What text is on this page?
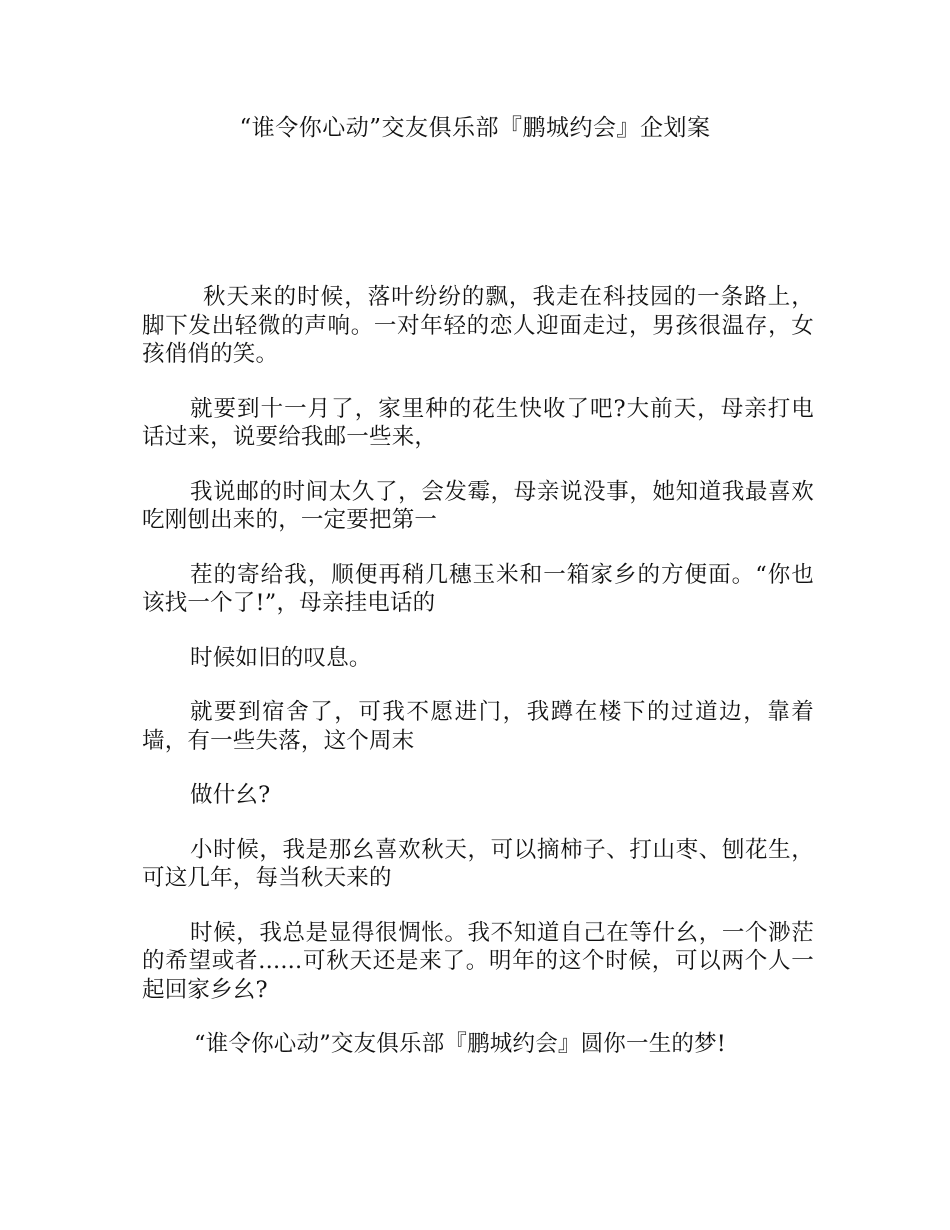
“谁令你心动”交友俱乐部『鹏城约会』企划案

秋天来的时候，落叶纷纷的飘，我走在科技园的一条路上，脚下发出轻微的声响。一对年轻的恋人迎面走过，男孩很温存，女孩俏俏的笑。

就要到十一月了，家里种的花生快收了吧?大前天，母亲打电话过来，说要给我邮一些来，

我说邮的时间太久了，会发霉，母亲说没事，她知道我最喜欢吃刚刨出来的，一定要把第一

茬的寄给我，顺便再稍几穗玉米和一箱家乡的方便面。“你也该找一个了!”，母亲挂电话的

时候如旧的叹息。

就要到宿舍了，可我不愿进门，我蹲在楼下的过道边，靠着墙，有一些失落，这个周末

做什幺?

小时候，我是那幺喜欢秋天，可以摘柿子、打山枣、刨花生，可这几年，每当秋天来的

时候，我总是显得很惆怅。我不知道自己在等什幺，一个渺茫的希望或者......可秋天还是来了。明年的这个时候，可以两个人一起回家乡幺?

“谁令你心动”交友俱乐部『鹏城约会』圆你一生的梦!
